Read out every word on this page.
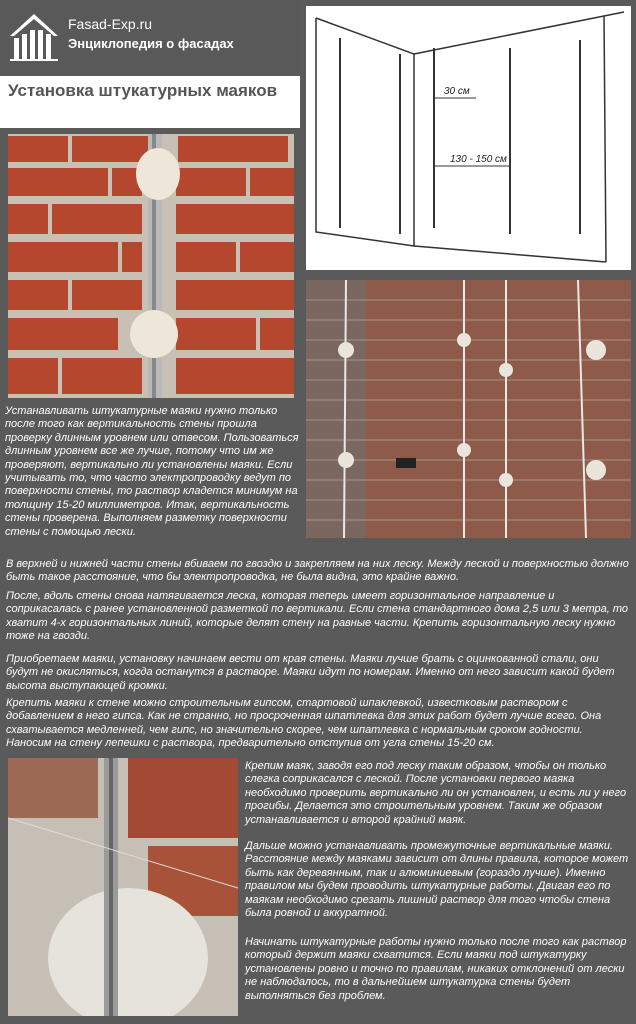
Fasad-Exp.ru
Энциклопедия о фасадах
Установка штукатурных маяков	30 см
130 - 150 см

Устанавливать штукатурные маяки нужно только после того как вертикальность стены прошла проверку длинным уровнем или отвесом. Пользоваться длинным уровнем все же лучше, потому что им же проверяют, вертикально ли установлены маяки. Если учитывать то, что часто электропроводку ведут по поверхности стены, то раствор кладется минимум на толщину 15-20 миллиметров. Итак, вертикальность стены проверена. Выполняем разметку поверхности стены с помощью лески.

В верхней и нижней части стены вбиваем по гвоздю и закрепляем на них леску. Между леской и поверхностью должно быть такое расстояние, что бы электропроводка, не была видна, это крайне важно.

После, вдоль стены снова натягивается леска, которая теперь имеет горизонтальное направление и соприкасалась с ранее установленной разметкой по вертикали. Если стена стандартного дома 2,5 или 3 метра, то хватит 4-х горизонтальных линий, которые делят стену на равные части. Крепить горизонтальную леску нужно тоже на гвозди.

Приобретаем маяки, установку начинаем вести от края стены. Маяки лучше брать с оцинкованной стали, они будут не окисляться, когда останутся в растворе. Маяки идут по номерам. Именно от него зависит какой будет высота выступающей кромки.

Крепить маяки к стене можно строительным гипсом, стартовой шпаклевкой, известковым раствором с добавлением в него гипса. Как не странно, но просроченная шпатлевка для этих работ будет лучше всего. Она схватывается медленней, чем гипс, но значительно скорее, чем шпатлевка с нормальным сроком годности. Наносим на стену лепешки с раствора, предварительно отступив от угла стены 15-20 см.

Крепим маяк, заводя его под леску таким образом, чтобы он только слегка соприкасался с леской. После установки первого маяка необходимо проверить вертикально ли он установлен, и есть ли у него прогибы. Делается это строительным уровнем. Таким же образом устанавливается и второй крайний маяк.

Дальше можно устанавливать промежуточные вертикальные маяки. Расстояние между маяками зависит от длины правила, которое может быть как деревянным, так и алюминиевым (гораздо лучше). Именно правилом мы будем проводить штукатурные работы. Двигая его по маякам необходимо срезать лишний раствор для того чтобы стена была ровной и аккуратной.

Начинать штукатурные работы нужно только после того как раствор который держит маяки схватится. Если маяки под штукатурку установлены ровно и точно по правилам, никаких отклонений от лески не наблюдалось, то в дальнейшем штукатурка стены будет выполняться без проблем.
